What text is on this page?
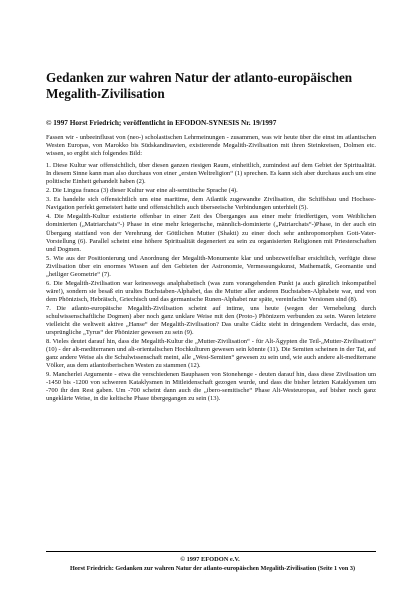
Gedanken zur wahren Natur der atlanto-europäischen Megalith-Zivilisation

© 1997 Horst Friedrich; veröffentlicht in EFODON-SYNESIS Nr. 19/1997

Fassen wir - unbeeinflusst von (neo-) scholastischen Lehrmeinungen - zusammen, was wir heute über die einst im atlantischen Westen Europas, von Marokko bis Südskandinavien, existierende Megalith-Zivilisation mit ihren Steinkreisen, Dolmen etc. wissen, so ergibt sich folgendes Bild:

1. Diese Kultur war offensichtlich, über diesen ganzen riesigen Raum, einheitlich, zumindest auf dem Gebiet der Spiritualität. In diesem Sinne kann man also durchaus von einer „ersten Weltreligion“ (1) sprechen. Es kann sich aber durchaus auch um eine politische Einheit gehandelt haben (2).

2. Die Lingua franca (3) dieser Kultur war eine alt-semitische Sprache (4).

3. Es handelte sich offensichtlich um eine maritime, dem Atlantik zugewandte Zivilisation, die Schiffsbau und Hochsee-Navigation perfekt gemeistert hatte und offensichtlich auch überseeische Verbindungen unterhielt (5).

4. Die Megalith-Kultur existierte offenbar in einer Zeit des Überganges aus einer mehr friedfertigen, vom Weiblichen dominierten („Matriarchats“-) Phase in eine mehr kriegerische, männlich-dominierte („Patriarchats“-)Phase, in der auch ein Übergang stattfand von der Verehrung der Göttlichen Mutter (Shakti) zu einer doch sehr anthropomorphen Gott-Vater-Vorstellung (6). Parallel scheint eine höhere Spiritualität degeneriert zu sein zu organisierten Religionen mit Priesterschaften und Dogmen.

5. Wie aus der Positionierung und Anordnung der Megalith-Monumente klar und unbezweifelbar ersichtlich, verfügte diese Zivilisation über ein enormes Wissen auf den Gebieten der Astronomie, Vermessungskunst, Mathematik, Geomantie und „heiliger Geometrie“ (7).

6. Die Megalith-Zivilisation war keineswegs analphabetisch (was zum vorangehenden Punkt ja auch gänzlich inkompatibel wäre!), sondern sie besaß ein uraltes Buchstaben-Alphabet, das die Mutter aller anderen Buchstaben-Alphabete war, und von dem Phönizisch, Hebräisch, Griechisch und das germanische Runen-Alphabet nur späte, vereinfachte Versionen sind (8).

7. Die atlanto-europäische Megalith-Zivilisation scheint auf intime, uns heute (wegen der Vernebelung durch schulwissenschaftliche Dogmen) aber noch ganz unklare Weise mit den (Proto-) Phönizern verbunden zu sein. Waren letztere vielleicht die weltweit aktive „Hanse“ der Megalith-Zivilisation? Das uralte Cádiz steht in dringendem Verdacht, das erste, ursprüngliche „Tyrus“ der Phönizier gewesen zu sein (9).

8. Vieles deutet darauf hin, dass die Megalith-Kultur die „Mutter-Zivilisation“ - für Alt-Ägypten die Teil-„Mutter-Zivilisation“ (10) - der alt-mediterranen und alt-orientalischen Hochkulturen gewesen sein könnte (11). Die Semiten scheinen in der Tat, auf ganz andere Weise als die Schulwissenschaft meint, alle „West-Semiten“ gewesen zu sein und, wie auch andere alt-mediterrane Völker, aus dem atlantoiberischen Westen zu stammen (12).

9. Mancherlei Argumente - etwa die verschiedenen Bauphasen von Stonehenge - deuten darauf hin, dass diese Zivilisation um -1450 bis -1200 von schweren Kataklysmen in Mitleidenschaft gezogen wurde, und dass die bisher letzten Kataklysmen um -700 ihr den Rest gaben. Um -700 scheint dann auch die „ibero-semitische“ Phase Alt-Westeuropas, auf bisher noch ganz ungeklärte Weise, in die keltische Phase übergegangen zu sein (13).

© 1997 EFODON e.V.
Horst Friedrich: Gedanken zur wahren Natur der atlanto-europäischen Megalith-Zivilisation (Seite 1 von 3)
